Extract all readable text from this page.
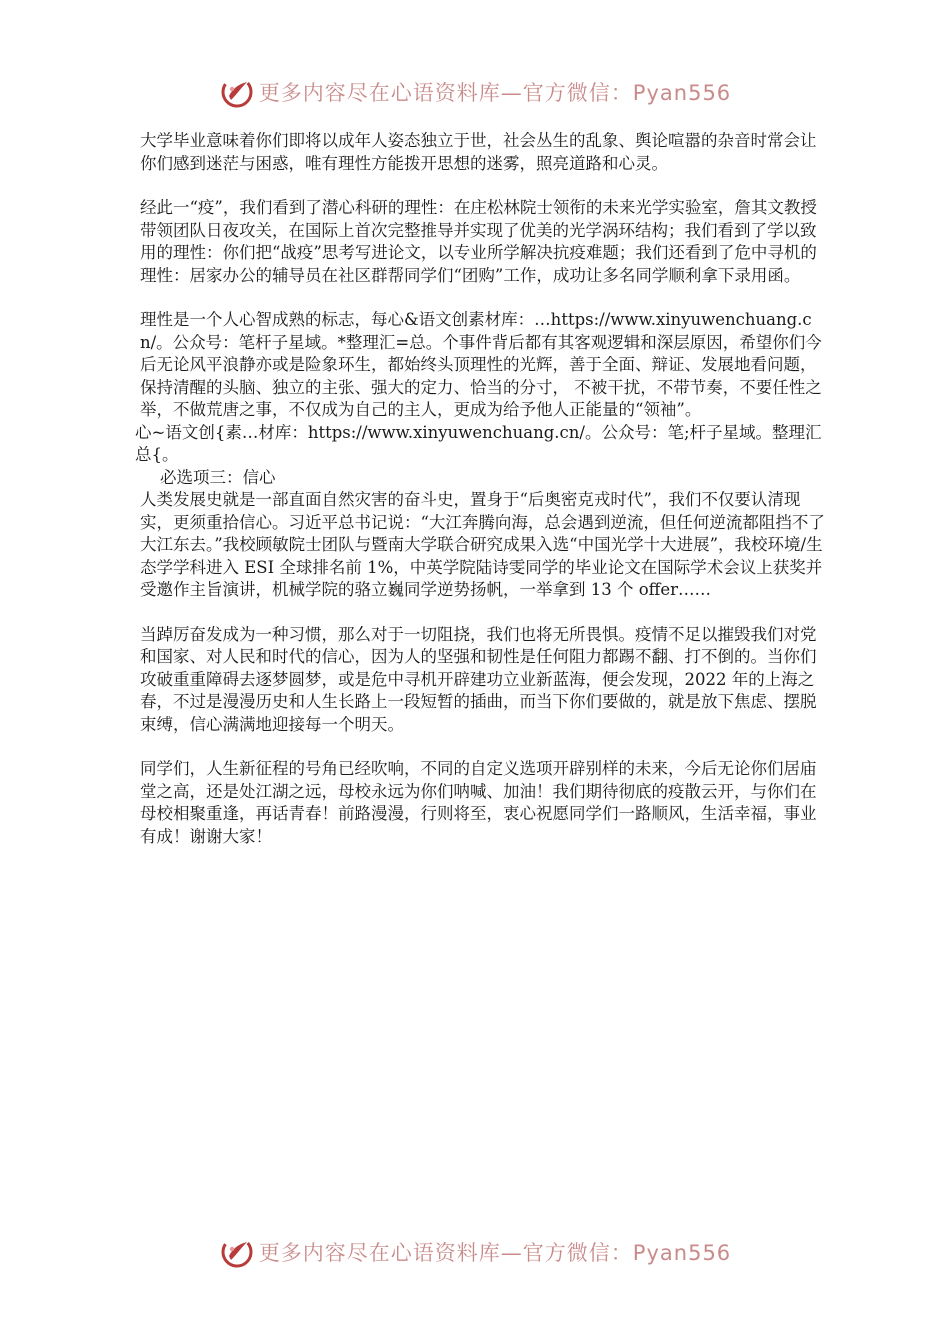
更多内容尽在心语资料库—官方微信：Pyan556

大学毕业意味着你们即将以成年人姿态独立于世，社会丛生的乱象、舆论喧嚣的杂音时常会让你们感到迷茫与困惑，唯有理性方能拨开思想的迷雾，照亮道路和心灵。

经此一“疫”，我们看到了潜心科研的理性：在庄松林院士领衔的未来光学实验室，詹其文教授带领团队日夜攻关，在国际上首次完整推导并实现了优美的光学涡环结构；我们看到了学以致用的理性：你们把“战疫”思考写进论文，以专业所学解决抗疫难题；我们还看到了危中寻机的理性：居家办公的辅导员在社区群帮同学们“团购”工作，成功让多名同学顺利拿下录用函。

理性是一个人心智成熟的标志，每心&语文创素材库：…https://www.xinyuwenchuang.cn/。公众号：笔杆子星域。*整理汇=总。个事件背后都有其客观逻辑和深层原因，希望你们今后无论风平浪静亦或是险象环生，都始终头顶理性的光辉，善于全面、辩证、发展地看问题，保持清醒的头脑、独立的主张、强大的定力、恰当的分寸， 不被干扰，不带节奏，不要任性之举，不做荒唐之事，不仅成为自己的主人，更成为给予他人正能量的“领袖”。

心~语文创{素…材库：https://www.xinyuwenchuang.cn/。公众号：笔;杆子星域。整理汇总{。

必选项三：信心

人类发展史就是一部直面自然灾害的奋斗史，置身于“后奥密克戎时代”，我们不仅要认清现实，更须重拾信心。习近平总书记说：“大江奔腾向海，总会遇到逆流，但任何逆流都阻挡不了大江东去。”我校顾敏院士团队与暨南大学联合研究成果入选“中国光学十大进展”，我校环境/生态学学科进入 ESI 全球排名前 1%，中英学院陆诗雯同学的毕业论文在国际学术会议上获奖并受邀作主旨演讲，机械学院的骆立巍同学逆势扬帆，一举拿到 13 个 offer……

当踔厉奋发成为一种习惯，那么对于一切阻挠，我们也将无所畏惧。疫情不足以摧毁我们对党和国家、对人民和时代的信心，因为人的坚强和韧性是任何阻力都踢不翻、打不倒的。当你们攻破重重障碍去逐梦圆梦，或是危中寻机开辟建功立业新蓝海，便会发现，2022 年的上海之春，不过是漫漫历史和人生长路上一段短暂的插曲，而当下你们要做的，就是放下焦虑、摆脱束缚，信心满满地迎接每一个明天。

同学们，人生新征程的号角已经吹响，不同的自定义选项开辟别样的未来，今后无论你们居庙堂之高，还是处江湖之远，母校永远为你们呐喊、加油！我们期待彻底的疫散云开，与你们在母校相聚重逢，再话青春！前路漫漫，行则将至，衷心祝愿同学们一路顺风，生活幸福，事业有成！谢谢大家！

更多内容尽在心语资料库—官方微信：Pyan556
